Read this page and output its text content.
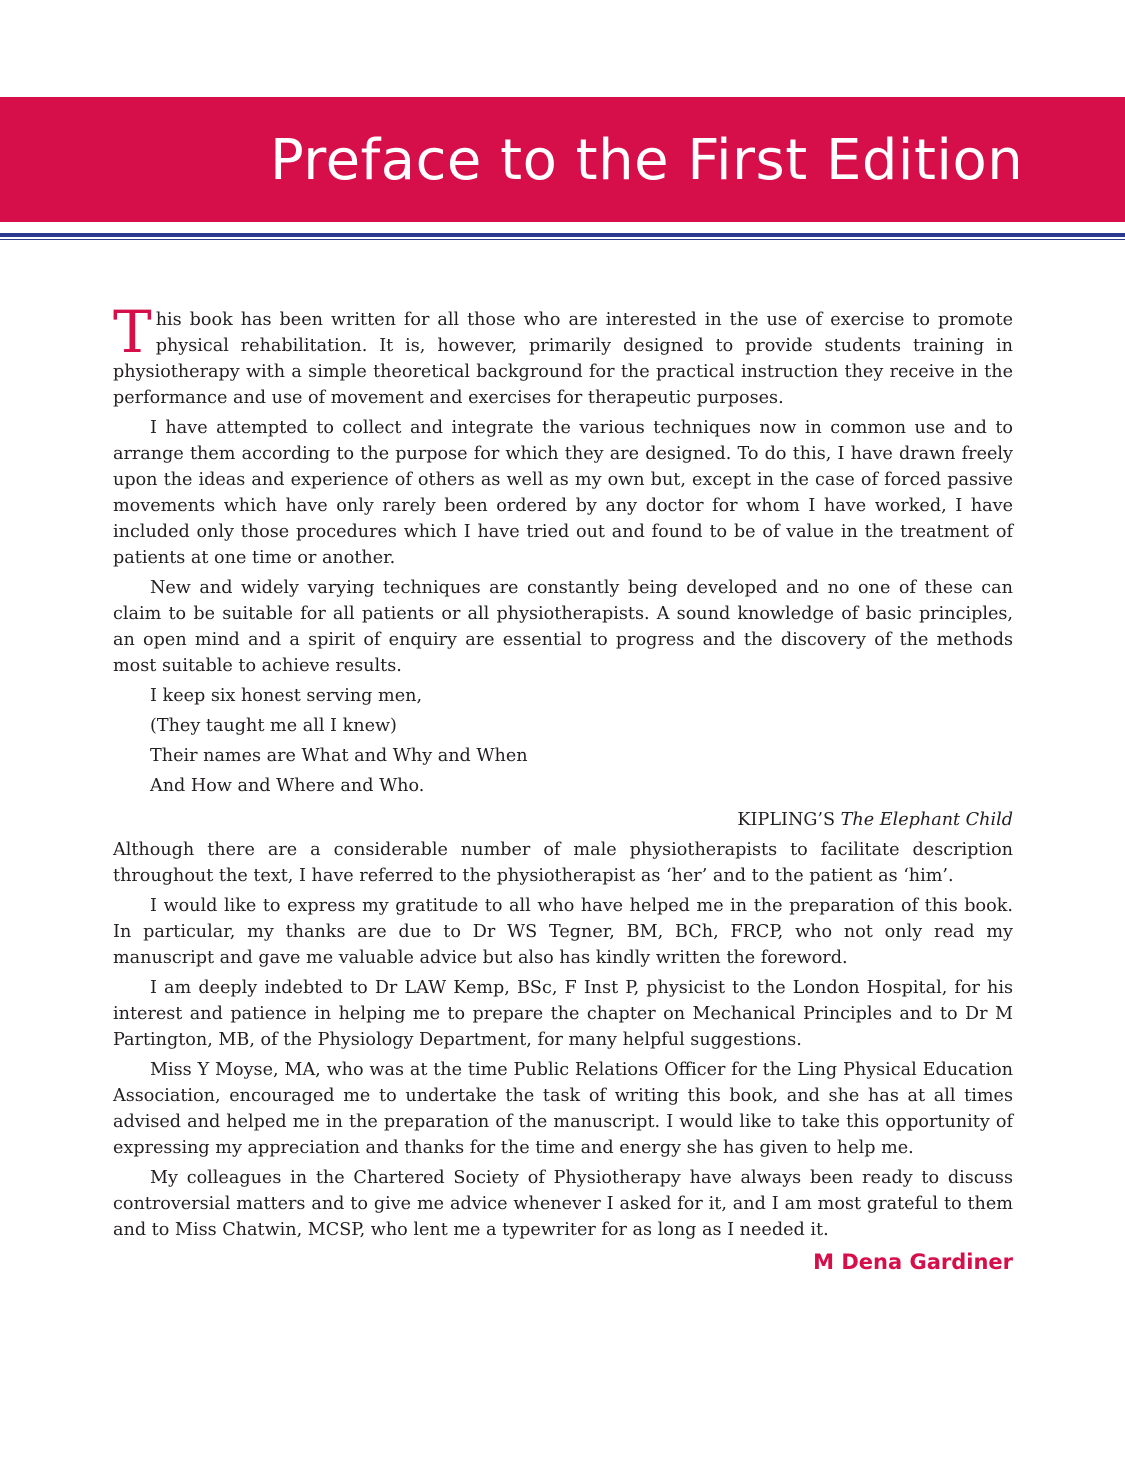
Preface to the First Edition

This book has been written for all those who are interested in the use of exercise to promote physical rehabilitation. It is, however, primarily designed to provide students training in physiotherapy with a simple theoretical background for the practical instruction they receive in the performance and use of movement and exercises for therapeutic purposes.

I have attempted to collect and integrate the various techniques now in common use and to arrange them according to the purpose for which they are designed. To do this, I have drawn freely upon the ideas and experience of others as well as my own but, except in the case of forced passive movements which have only rarely been ordered by any doctor for whom I have worked, I have included only those procedures which I have tried out and found to be of value in the treatment of patients at one time or another.

New and widely varying techniques are constantly being developed and no one of these can claim to be suitable for all patients or all physiotherapists. A sound knowledge of basic principles, an open mind and a spirit of enquiry are essential to progress and the discovery of the methods most suitable to achieve results.

I keep six honest serving men,
(They taught me all I knew)
Their names are What and Why and When
And How and Where and Who.

KIPLING’S The Elephant Child

Although there are a considerable number of male physiotherapists to facilitate description throughout the text, I have referred to the physiotherapist as ‘her’ and to the patient as ‘him’.

I would like to express my gratitude to all who have helped me in the preparation of this book. In particular, my thanks are due to Dr WS Tegner, BM, BCh, FRCP, who not only read my manuscript and gave me valuable advice but also has kindly written the foreword.

I am deeply indebted to Dr LAW Kemp, BSc, F Inst P, physicist to the London Hospital, for his interest and patience in helping me to prepare the chapter on Mechanical Principles and to Dr M Partington, MB, of the Physiology Department, for many helpful suggestions.

Miss Y Moyse, MA, who was at the time Public Relations Officer for the Ling Physical Education Association, encouraged me to undertake the task of writing this book, and she has at all times advised and helped me in the preparation of the manuscript. I would like to take this opportunity of expressing my appreciation and thanks for the time and energy she has given to help me.

My colleagues in the Chartered Society of Physiotherapy have always been ready to discuss controversial matters and to give me advice whenever I asked for it, and I am most grateful to them and to Miss Chatwin, MCSP, who lent me a typewriter for as long as I needed it.

M Dena Gardiner
